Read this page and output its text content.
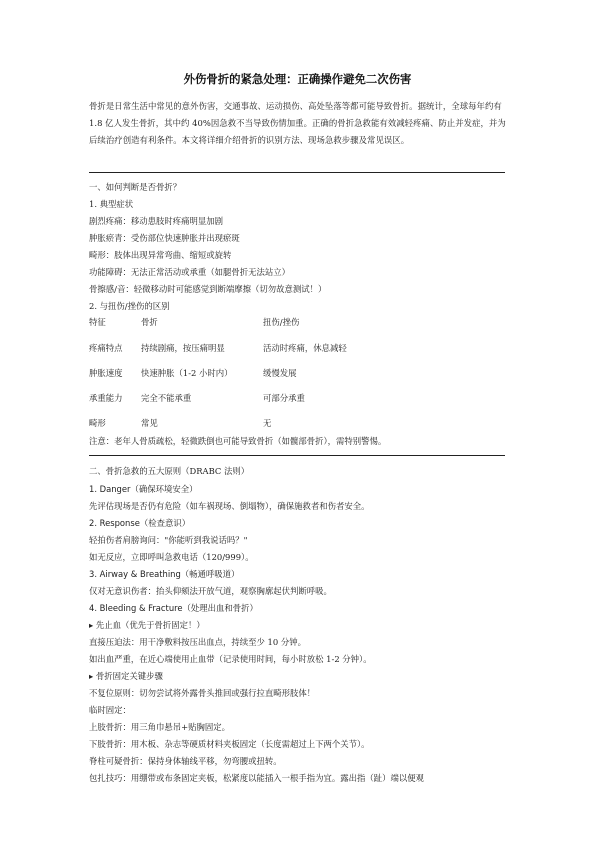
外伤骨折的紧急处理：正确操作避免二次伤害

骨折是日常生活中常见的意外伤害，交通事故、运动损伤、高处坠落等都可能导致骨折。据统计，全球每年约有 1.8 亿人发生骨折，其中约 40%因急救不当导致伤情加重。正确的骨折急救能有效减轻疼痛、防止并发症，并为后续治疗创造有利条件。本文将详细介绍骨折的识别方法、现场急救步骤及常见误区。

一、如何判断是否骨折？

1. 典型症状

剧烈疼痛：移动患肢时疼痛明显加剧

肿胀瘀青：受伤部位快速肿胀并出现瘀斑

畸形：肢体出现异常弯曲、缩短或旋转

功能障碍：无法正常活动或承重（如腿骨折无法站立）

骨擦感/音：轻微移动时可能感觉到断端摩擦（切勿故意测试！）

2. 与扭伤/挫伤的区别

特征	骨折	扭伤/挫伤
疼痛特点 持续剧痛，按压痛明显	活动时疼痛，休息减轻
肿胀速度 快速肿胀（1-2 小时内）	缓慢发展
承重能力 完全不能承重	可部分承重
畸形	常见	无

注意：老年人骨质疏松，轻微跌倒也可能导致骨折（如髋部骨折），需特别警惕。

二、骨折急救的五大原则（DRABC 法则）

1. Danger（确保环境安全）

先评估现场是否仍有危险（如车祸现场、倒塌物），确保施救者和伤者安全。

2. Response（检查意识）

轻拍伤者肩膀询问："你能听到我说话吗？"

如无反应，立即呼叫急救电话（120/999）。

3. Airway & Breathing（畅通呼吸道）

仅对无意识伤者：抬头仰颏法开放气道，观察胸廓起伏判断呼吸。

4. Bleeding & Fracture（处理出血和骨折）

▸ 先止血（优先于骨折固定！）

直接压迫法：用干净敷料按压出血点，持续至少 10 分钟。

如出血严重，在近心端使用止血带（记录使用时间，每小时放松 1-2 分钟）。

▸ 骨折固定关键步骤

不复位原则：切勿尝试将外露骨头推回或强行拉直畸形肢体！

临时固定：

上肢骨折：用三角巾悬吊+贴胸固定。

下肢骨折：用木板、杂志等硬质材料夹板固定（长度需超过上下两个关节）。

脊柱可疑骨折：保持身体轴线平移，勿弯腰或扭转。

包扎技巧：用绷带或布条固定夹板，松紧度以能插入一根手指为宜。露出指（趾）端以便观
